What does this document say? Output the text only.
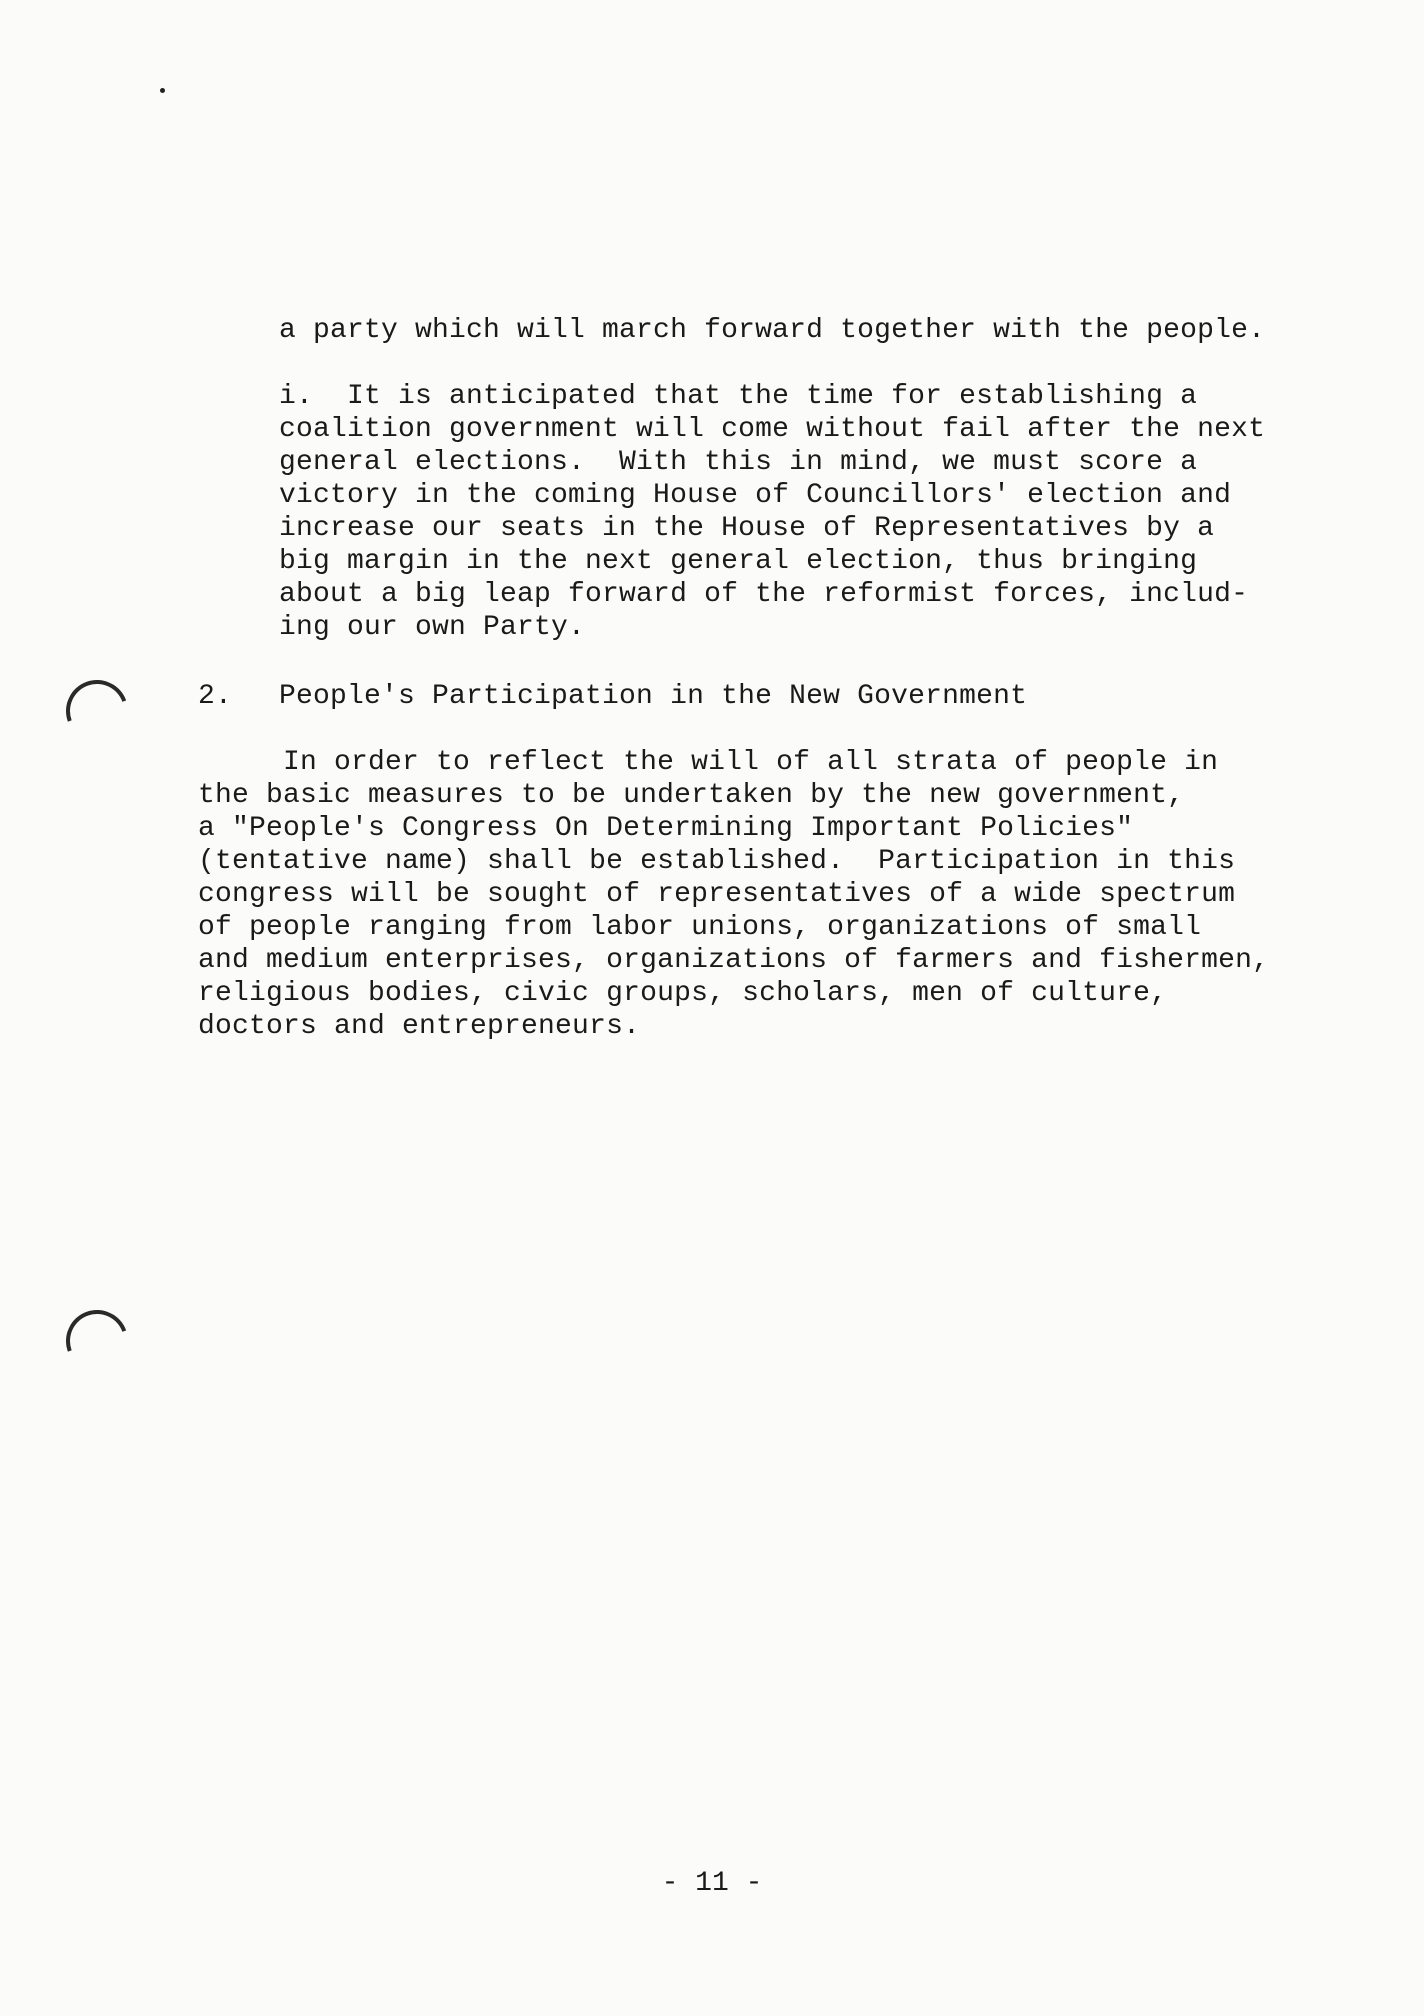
a party which will march forward together with the people.
i.  It is anticipated that the time for establishing a
coalition government will come without fail after the next
general elections.  With this in mind, we must score a
victory in the coming House of Councillors' election and
increase our seats in the House of Representatives by a
big margin in the next general election, thus bringing
about a big leap forward of the reformist forces, includ-
ing our own Party.
2. People's Participation in the New Government
In order to reflect the will of all strata of people in
the basic measures to be undertaken by the new government,
a "People's Congress On Determining Important Policies"
(tentative name) shall be established.  Participation in this
congress will be sought of representatives of a wide spectrum
of people ranging from labor unions, organizations of small
and medium enterprises, organizations of farmers and fishermen,
religious bodies, civic groups, scholars, men of culture,
doctors and entrepreneurs.
- 11 -
